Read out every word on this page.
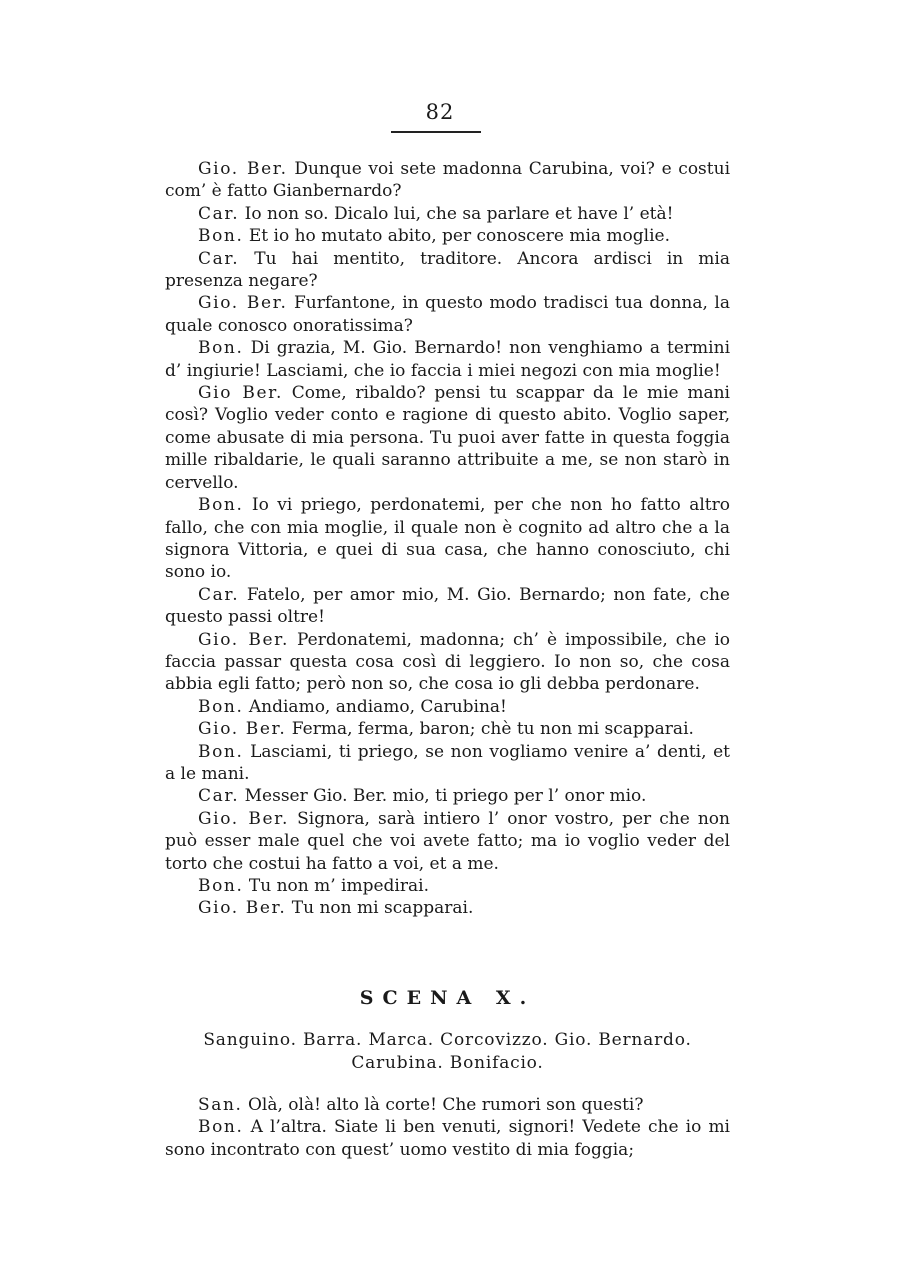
82

Gio. Ber. Dunque voi sete madonna Carubina, voi? e costui com’ è fatto Gianbernardo?

Car. Io non so. Dicalo lui, che sa parlare et have l’ età!

Bon. Et io ho mutato abito, per conoscere mia moglie.

Car. Tu hai mentito, traditore. Ancora ardisci in mia presenza negare?

Gio. Ber. Furfantone, in questo modo tradisci tua donna, la quale conosco onoratissima?

Bon. Di grazia, M. Gio. Bernardo! non venghiamo a termini d’ ingiurie! Lasciami, che io faccia i miei negozi con mia moglie!

Gio Ber. Come, ribaldo? pensi tu scappar da le mie mani così? Voglio veder conto e ragione di questo abito. Voglio saper, come abusate di mia persona. Tu puoi aver fatte in questa foggia mille ribaldarie, le quali saranno attribuite a me, se non starò in cervello.

Bon. Io vi priego, perdonatemi, per che non ho fatto altro fallo, che con mia moglie, il quale non è cognito ad altro che a la signora Vittoria, e quei di sua casa, che hanno conosciuto, chi sono io.

Car. Fatelo, per amor mio, M. Gio. Bernardo; non fate, che questo passi oltre!

Gio. Ber. Perdonatemi, madonna; ch’ è impossibile, che io faccia passar questa cosa così di leggiero. Io non so, che cosa abbia egli fatto; però non so, che cosa io gli debba perdonare.

Bon. Andiamo, andiamo, Carubina!

Gio. Ber. Ferma, ferma, baron; chè tu non mi scapparai.

Bon. Lasciami, ti priego, se non vogliamo venire a’ denti, et a le mani.

Car. Messer Gio. Ber. mio, ti priego per l’ onor mio.

Gio. Ber. Signora, sarà intiero l’ onor vostro, per che non può esser male quel che voi avete fatto; ma io voglio veder del torto che costui ha fatto a voi, et a me.

Bon. Tu non m’ impedirai.

Gio. Ber. Tu non mi scapparai.

SCENA X.
Sanguino. Barra. Marca. Corcovizzo. Gio. Bernardo. Carubina. Bonifacio.

San. Olà, olà! alto là corte! Che rumori son questi?

Bon. A l’altra. Siate li ben venuti, signori! Vedete che io mi sono incontrato con quest’ uomo vestito di mia foggia;
